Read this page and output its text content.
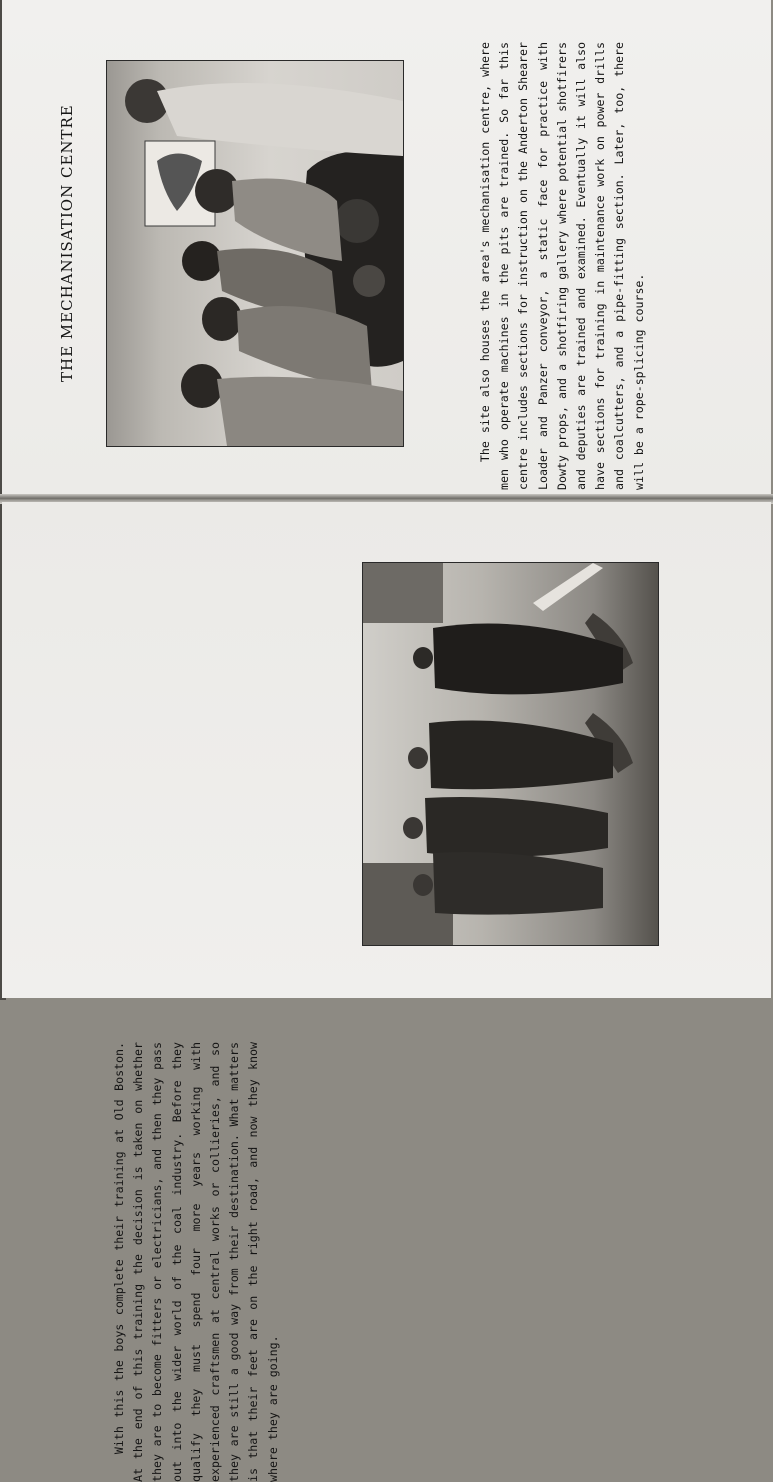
THE MECHANISATION CENTRE	The site also houses the area's mechanisation centre, where men who operate machines in the pits are trained. So far this centre includes sections for instruction on the Anderton Shearer Loader and Panzer conveyor, a static face for practice with Dowty props, and a shotfiring gallery where potential shotfirers and deputies are trained and examined. Eventually it will also have sections for training in maintenance work on power drills and coalcutters, and a pipe-fitting section. Later, too, there will be a rope-splicing course.

With this the boys complete their training at Old Boston. At the end of this training the decision is taken on whether they are to become fitters or electricians, and then they pass out into the wider world of the coal industry. Before they qualify they must spend four more years working with experienced craftsmen at central works or collieries, and so they are still a good way from their destination. What matters is that their feet are on the right road, and now they know where they are going.
